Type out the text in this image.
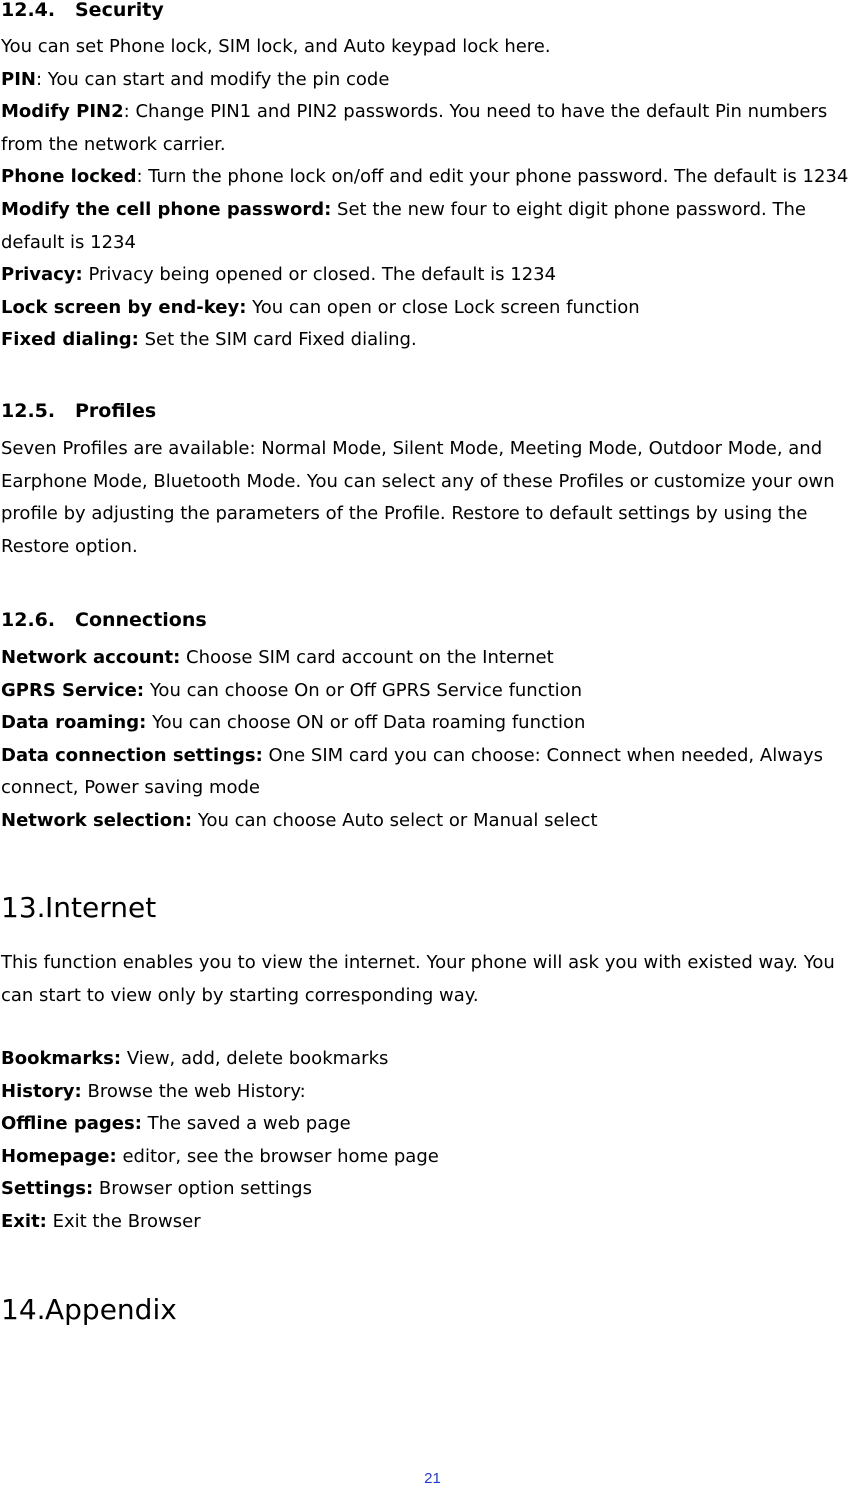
12.4. Security
You can set Phone lock, SIM lock, and Auto keypad lock here.
PIN: You can start and modify the pin code
Modify PIN2: Change PIN1 and PIN2 passwords. You need to have the default Pin numbers from the network carrier.
Phone locked: Turn the phone lock on/off and edit your phone password. The default is 1234
Modify the cell phone password: Set the new four to eight digit phone password. The default is 1234
Privacy: Privacy being opened or closed. The default is 1234
Lock screen by end-key: You can open or close Lock screen function
Fixed dialing: Set the SIM card Fixed dialing.
12.5. Profiles
Seven Profiles are available: Normal Mode, Silent Mode, Meeting Mode, Outdoor Mode, and Earphone Mode, Bluetooth Mode. You can select any of these Profiles or customize your own profile by adjusting the parameters of the Profile. Restore to default settings by using the Restore option.
12.6. Connections
Network account: Choose SIM card account on the Internet
GPRS Service: You can choose On or Off GPRS Service function
Data roaming: You can choose ON or off Data roaming function
Data connection settings: One SIM card you can choose: Connect when needed, Always connect, Power saving mode
Network selection: You can choose Auto select or Manual select
13.Internet
This function enables you to view the internet. Your phone will ask you with existed way. You can start to view only by starting corresponding way.
Bookmarks: View, add, delete bookmarks
History: Browse the web History:
Offline pages: The saved a web page
Homepage: editor, see the browser home page
Settings: Browser option settings
Exit: Exit the Browser
14.Appendix
21
